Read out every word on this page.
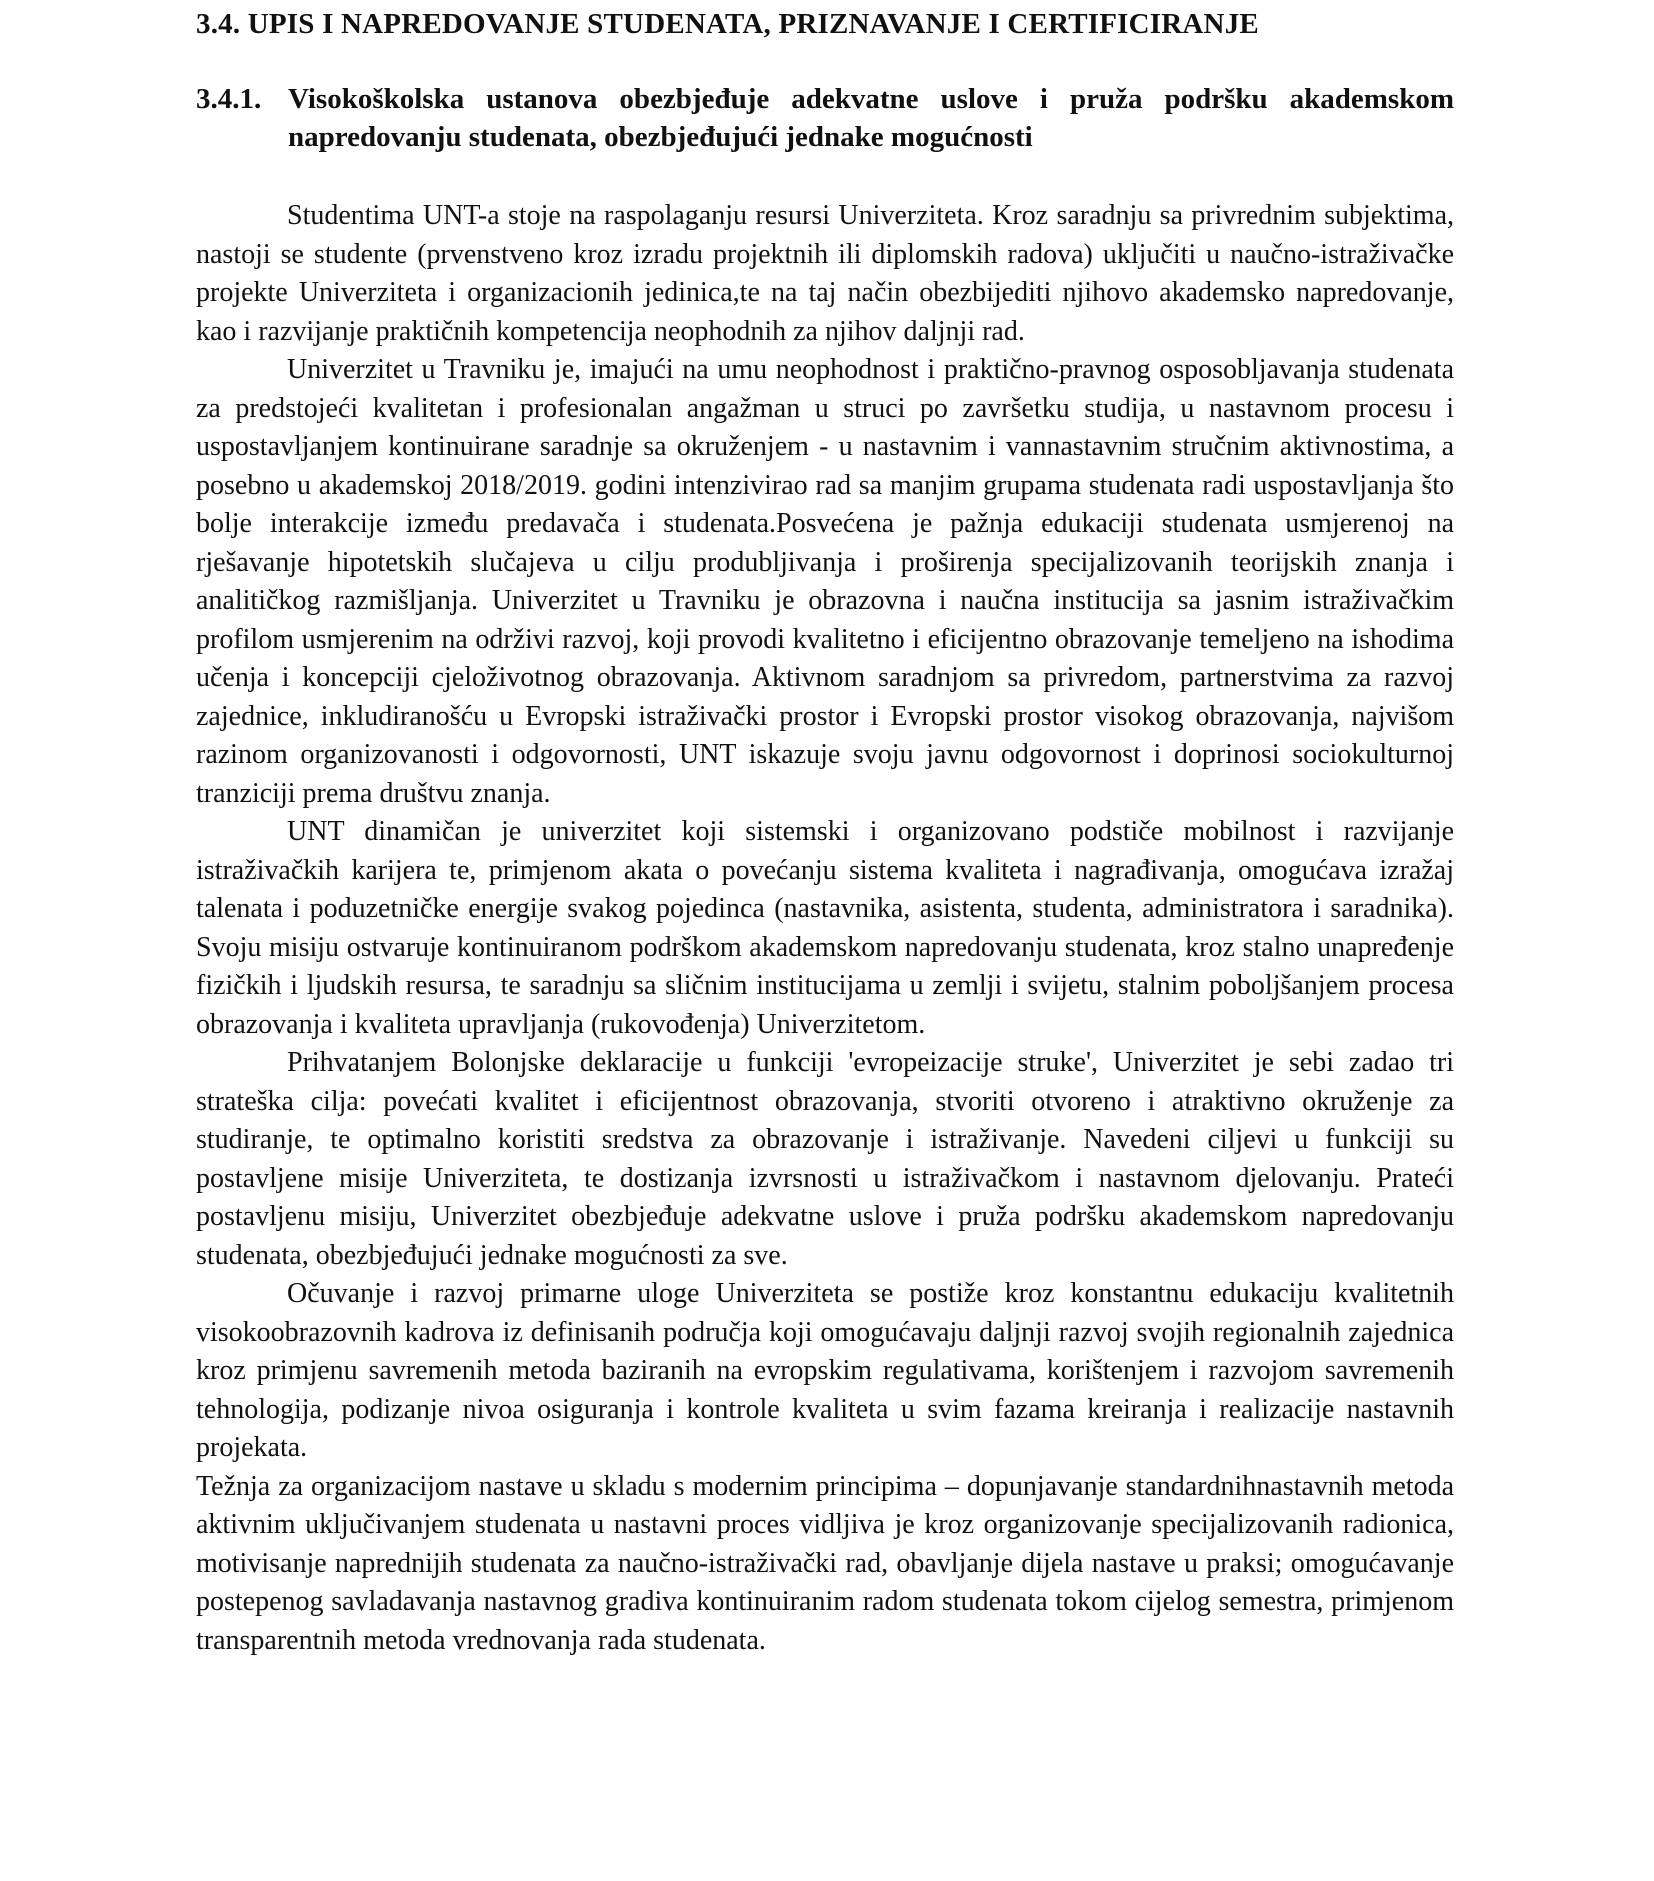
3.4. UPIS I NAPREDOVANJE STUDENATA, PRIZNAVANJE I CERTIFICIRANJE
3.4.1. Visokoškolska ustanova obezbjeđuje adekvatne uslove i pruža podršku akademskom napredovanju studenata, obezbjeđujući jednake mogućnosti

Studentima UNT-a stoje na raspolaganju resursi Univerziteta. Kroz saradnju sa privrednim subjektima, nastoji se studente (prvenstveno kroz izradu projektnih ili diplomskih radova) uključiti u naučno-istraživačke projekte Univerziteta i organizacionih jedinica,te na taj način obezbijediti njihovo akademsko napredovanje, kao i razvijanje praktičnih kompetencija neophodnih za njihov daljnji rad.

Univerzitet u Travniku je, imajući na umu neophodnost i praktično-pravnog osposobljavanja studenata za predstojeći kvalitetan i profesionalan angažman u struci po završetku studija, u nastavnom procesu i uspostavljanjem kontinuirane saradnje sa okruženjem - u nastavnim i vannastavnim stručnim aktivnostima, a posebno u akademskoj 2018/2019. godini intenzivirao rad sa manjim grupama studenata radi uspostavljanja što bolje interakcije između predavača i studenata.Posvećena je pažnja edukaciji studenata usmjerenoj na rješavanje hipotetskih slučajeva u cilju produbljivanja i proširenja specijalizovanih teorijskih znanja i analitičkog razmišljanja. Univerzitet u Travniku je obrazovna i naučna institucija sa jasnim istraživačkim profilom usmjerenim na održivi razvoj, koji provodi kvalitetno i eficijentno obrazovanje temeljeno na ishodima učenja i koncepciji cjeloživotnog obrazovanja. Aktivnom saradnjom sa privredom, partnerstvima za razvoj zajednice, inkludiranošću u Evropski istraživački prostor i Evropski prostor visokog obrazovanja, najvišom razinom organizovanosti i odgovornosti, UNT iskazuje svoju javnu odgovornost i doprinosi sociokulturnoj tranziciji prema društvu znanja.

UNT dinamičan je univerzitet koji sistemski i organizovano podstiče mobilnost i razvijanje istraživačkih karijera te, primjenom akata o povećanju sistema kvaliteta i nagrađivanja, omogućava izražaj talenata i poduzetničke energije svakog pojedinca (nastavnika, asistenta, studenta, administratora i saradnika). Svoju misiju ostvaruje kontinuiranom podrškom akademskom napredovanju studenata, kroz stalno unapređenje fizičkih i ljudskih resursa, te saradnju sa sličnim institucijama u zemlji i svijetu, stalnim poboljšanjem procesa obrazovanja i kvaliteta upravljanja (rukovođenja) Univerzitetom.

Prihvatanjem Bolonjske deklaracije u funkciji 'evropeizacije struke', Univerzitet je sebi zadao tri strateška cilja: povećati kvalitet i eficijentnost obrazovanja, stvoriti otvoreno i atraktivno okruženje za studiranje, te optimalno koristiti sredstva za obrazovanje i istraživanje. Navedeni ciljevi u funkciji su postavljene misije Univerziteta, te dostizanja izvrsnosti u istraživačkom i nastavnom djelovanju. Prateći postavljenu misiju, Univerzitet obezbjeđuje adekvatne uslove i pruža podršku akademskom napredovanju studenata, obezbjeđujući jednake mogućnosti za sve.

Očuvanje i razvoj primarne uloge Univerziteta se postiže kroz konstantnu edukaciju kvalitetnih visokoobrazovnih kadrova iz definisanih područja koji omogućavaju daljnji razvoj svojih regionalnih zajednica kroz primjenu savremenih metoda baziranih na evropskim regulativama, korištenjem i razvojom savremenih tehnologija, podizanje nivoa osiguranja i kontrole kvaliteta u svim fazama kreiranja i realizacije nastavnih projekata.

Težnja za organizacijom nastave u skladu s modernim principima – dopunjavanje standardnihnastavnih metoda aktivnim uključivanjem studenata u nastavni proces vidljiva je kroz organizovanje specijalizovanih radionica, motivisanje naprednijih studenata za naučno-istraživački rad, obavljanje dijela nastave u praksi; omogućavanje postepenog savladavanja nastavnog gradiva kontinuiranim radom studenata tokom cijelog semestra, primjenom transparentnih metoda vrednovanja rada studenata.
